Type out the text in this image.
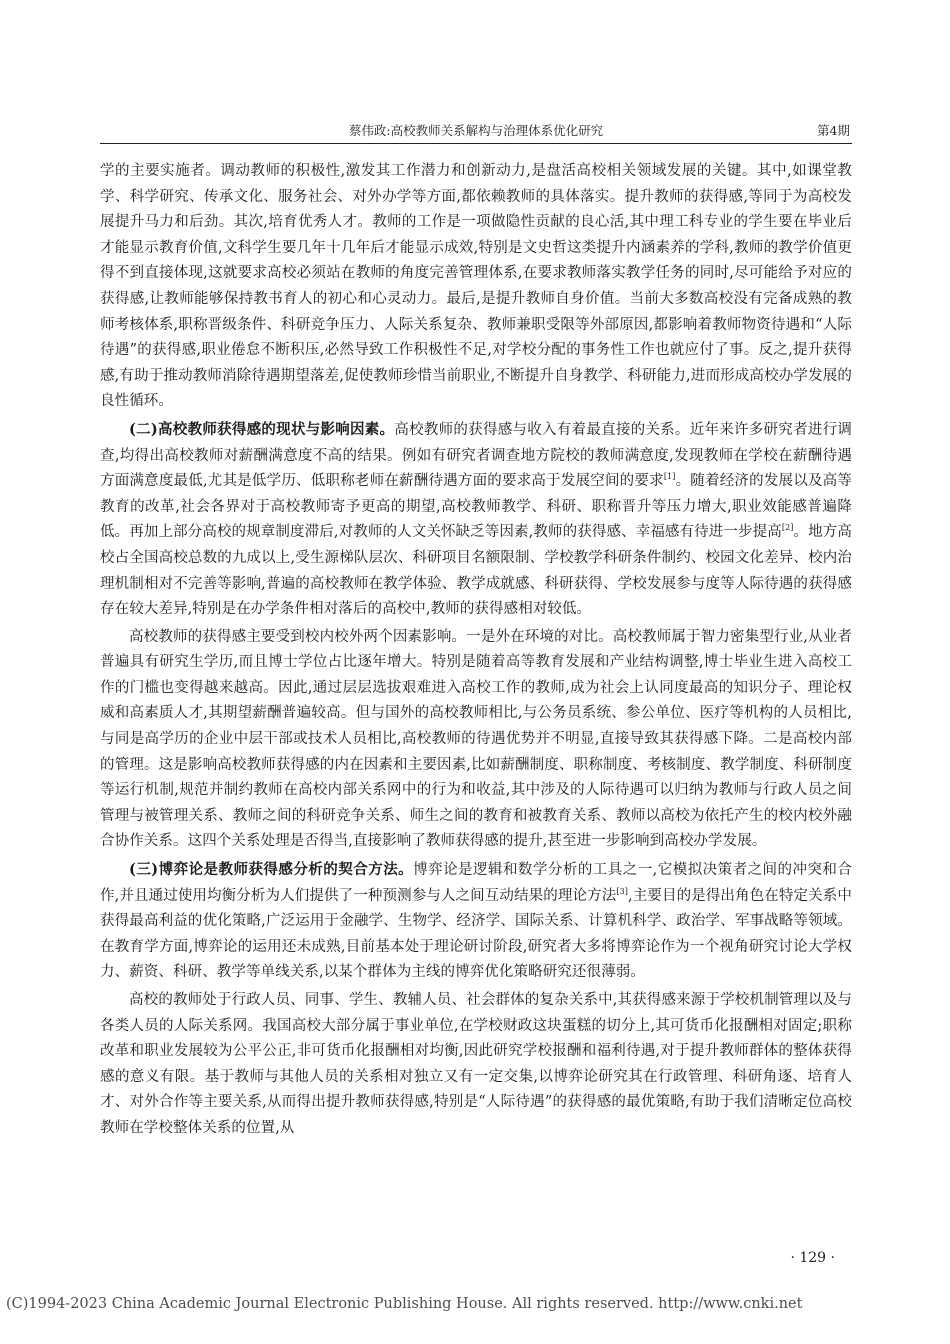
蔡伟政:高校教师关系解构与治理体系优化研究	第4期

学的主要实施者。调动教师的积极性,激发其工作潜力和创新动力,是盘活高校相关领域发展的关键。其中,如课堂教学、科学研究、传承文化、服务社会、对外办学等方面,都依赖教师的具体落实。提升教师的获得感,等同于为高校发展提升马力和后劲。其次,培育优秀人才。教师的工作是一项做隐性贡献的良心活,其中理工科专业的学生要在毕业后才能显示教育价值,文科学生要几年十几年后才能显示成效,特别是文史哲这类提升内涵素养的学科,教师的教学价值更得不到直接体现,这就要求高校必须站在教师的角度完善管理体系,在要求教师落实教学任务的同时,尽可能给予对应的获得感,让教师能够保持教书育人的初心和心灵动力。最后,是提升教师自身价值。当前大多数高校没有完备成熟的教师考核体系,职称晋级条件、科研竞争压力、人际关系复杂、教师兼职受限等外部原因,都影响着教师物资待遇和“人际待遇”的获得感,职业倦怠不断积压,必然导致工作积极性不足,对学校分配的事务性工作也就应付了事。反之,提升获得感,有助于推动教师消除待遇期望落差,促使教师珍惜当前职业,不断提升自身教学、科研能力,进而形成高校办学发展的良性循环。

(二)高校教师获得感的现状与影响因素。高校教师的获得感与收入有着最直接的关系。近年来许多研究者进行调查,均得出高校教师对薪酬满意度不高的结果。例如有研究者调查地方院校的教师满意度,发现教师在学校在薪酬待遇方面满意度最低,尤其是低学历、低职称老师在薪酬待遇方面的要求高于发展空间的要求[1]。随着经济的发展以及高等教育的改革,社会各界对于高校教师寄予更高的期望,高校教师教学、科研、职称晋升等压力增大,职业效能感普遍降低。再加上部分高校的规章制度滞后,对教师的人文关怀缺乏等因素,教师的获得感、幸福感有待进一步提高[2]。地方高校占全国高校总数的九成以上,受生源梯队层次、科研项目名额限制、学校教学科研条件制约、校园文化差异、校内治理机制相对不完善等影响,普遍的高校教师在教学体验、教学成就感、科研获得、学校发展参与度等人际待遇的获得感存在较大差异,特别是在办学条件相对落后的高校中,教师的获得感相对较低。

高校教师的获得感主要受到校内校外两个因素影响。一是外在环境的对比。高校教师属于智力密集型行业,从业者普遍具有研究生学历,而且博士学位占比逐年增大。特别是随着高等教育发展和产业结构调整,博士毕业生进入高校工作的门槛也变得越来越高。因此,通过层层选拔艰难进入高校工作的教师,成为社会上认同度最高的知识分子、理论权威和高素质人才,其期望薪酬普遍较高。但与国外的高校教师相比,与公务员系统、参公单位、医疗等机构的人员相比,与同是高学历的企业中层干部或技术人员相比,高校教师的待遇优势并不明显,直接导致其获得感下降。二是高校内部的管理。这是影响高校教师获得感的内在因素和主要因素,比如薪酬制度、职称制度、考核制度、教学制度、科研制度等运行机制,规范并制约教师在高校内部关系网中的行为和收益,其中涉及的人际待遇可以归纳为教师与行政人员之间管理与被管理关系、教师之间的科研竞争关系、师生之间的教育和被教育关系、教师以高校为依托产生的校内校外融合协作关系。这四个关系处理是否得当,直接影响了教师获得感的提升,甚至进一步影响到高校办学发展。

(三)博弈论是教师获得感分析的契合方法。博弈论是逻辑和数学分析的工具之一,它模拟决策者之间的冲突和合作,并且通过使用均衡分析为人们提供了一种预测参与人之间互动结果的理论方法[3],主要目的是得出角色在特定关系中获得最高利益的优化策略,广泛运用于金融学、生物学、经济学、国际关系、计算机科学、政治学、军事战略等领域。在教育学方面,博弈论的运用还未成熟,目前基本处于理论研讨阶段,研究者大多将博弈论作为一个视角研究讨论大学权力、薪资、科研、教学等单线关系,以某个群体为主线的博弈优化策略研究还很薄弱。

高校的教师处于行政人员、同事、学生、教辅人员、社会群体的复杂关系中,其获得感来源于学校机制管理以及与各类人员的人际关系网。我国高校大部分属于事业单位,在学校财政这块蛋糕的切分上,其可货币化报酬相对固定;职称改革和职业发展较为公平公正,非可货币化报酬相对均衡,因此研究学校报酬和福利待遇,对于提升教师群体的整体获得感的意义有限。基于教师与其他人员的关系相对独立又有一定交集,以博弈论研究其在行政管理、科研角逐、培育人才、对外合作等主要关系,从而得出提升教师获得感,特别是“人际待遇”的获得感的最优策略,有助于我们清晰定位高校教师在学校整体关系的位置,从

· 129 ·
(C)1994-2023 China Academic Journal Electronic Publishing House. All rights reserved. http://www.cnki.net
